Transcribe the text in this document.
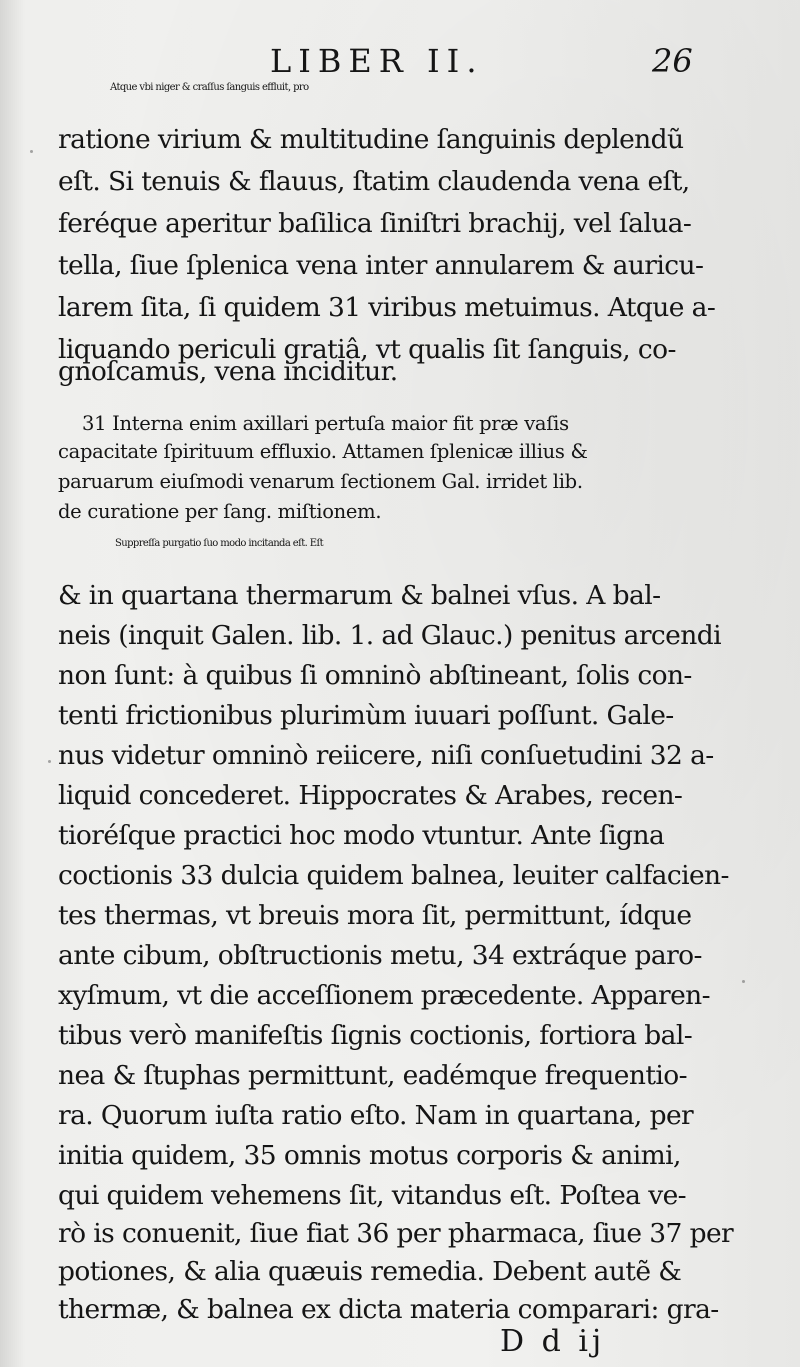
LIBER II.	26
Atque vbi niger & craſſus ſanguis effluit, pro
ratione virium & multitudine ſanguinis deplendũ
eſt. Si tenuis & flauus, ſtatim claudenda vena eſt,
feréque aperitur baſilica ſiniſtri brachij, vel ſalua-
tella, ſiue ſplenica vena inter annularem & auricu-
larem ſita, ſi quidem 31 viribus metuimus. Atque a-
liquando periculi gratiâ, vt qualis ſit ſanguis, co-
gnoſcamus, vena inciditur.
31 Interna enim axillari pertuſa maior fit præ vaſis
capacitate ſpirituum effluxio. Attamen ſplenicæ illius &
paruarum eiuſmodi venarum ſectionem Gal. irridet lib.
de curatione per ſang. miſtionem.
Suppreſſa purgatio ſuo modo incitanda eſt. Eſt
& in quartana thermarum & balnei vſus. A bal-
neis (inquit Galen. lib. 1. ad Glauc.) penitus arcendi
non ſunt: à quibus ſi omninò abſtineant, ſolis con-
tenti frictionibus plurimùm iuuari poſſunt. Gale-
nus videtur omninò reiicere, niſi conſuetudini 32 a-
liquid concederet. Hippocrates & Arabes, recen-
tioréſque practici hoc modo vtuntur. Ante ſigna
coctionis 33 dulcia quidem balnea, leuiter calfacien-
tes thermas, vt breuis mora ſit, permittunt, ídque
ante cibum, obſtructionis metu, 34 extráque paro-
xyſmum, vt die acceſſionem præcedente. Apparen-
tibus verò manifeſtis ſignis coctionis, fortiora bal-
nea & ſtuphas permittunt, eadémque frequentio-
ra. Quorum iuſta ratio eſto. Nam in quartana, per
initia quidem, 35 omnis motus corporis & animi,
qui quidem vehemens ſit, vitandus eſt. Poſtea ve-
rò is conuenit, ſiue fiat 36 per pharmaca, ſiue 37 per
potiones, & alia quæuis remedia. Debent autẽ &
thermæ, & balnea ex dicta materia comparari: gra-
D d ij
